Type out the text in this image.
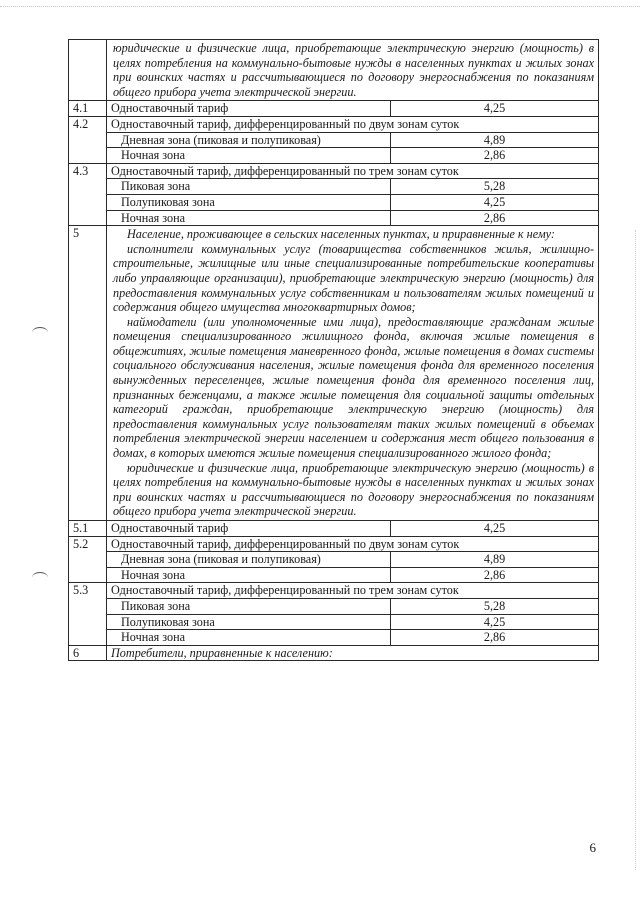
	юридические и физические лица, приобретающие электрическую энергию (мощность) в целях потребления на коммунально-бытовые нужды в населенных пунктах и жилых зонах при воинских частях и рассчитывающиеся по договору энергоснабжения по показаниям общего прибора учета электрической энергии.	

4.1	Одноставочный тариф	4,25
4.2	Одноставочный тариф, дифференцированный по двум зонам суток	
	Дневная зона (пиковая и полупиковая)	4,89
	Ночная зона	2,86
4.3	Одноставочный тариф, дифференцированный по трем зонам суток	
	Пиковая зона	5,28
	Полупиковая зона	4,25
	Ночная зона	2,86
5	Население, проживающее в сельских населенных пунктах, и приравненные к нему:

исполнители коммунальных услуг (товарищества собственников жилья, жилищно-строительные, жилищные или иные специализированные потребительские кооперативы либо управляющие организации), приобретающие электрическую энергию (мощность) для предоставления коммунальных услуг собственникам и пользователям жилых помещений и содержания общего имущества многоквартирных домов;

наймодатели (или уполномоченные ими лица), предоставляющие гражданам жилые помещения специализированного жилищного фонда, включая жилые помещения в общежитиях, жилые помещения маневренного фонда, жилые помещения в домах системы социального обслуживания населения, жилые помещения фонда для временного поселения вынужденных переселенцев, жилые помещения фонда для временного поселения лиц, признанных беженцами, а также жилые помещения для социальной защиты отдельных категорий граждан, приобретающие электрическую энергию (мощность) для предоставления коммунальных услуг пользователям таких жилых помещений в объемах потребления электрической энергии населением и содержания мест общего пользования в домах, в которых имеются жилые помещения специализированного жилого фонда;

юридические и физические лица, приобретающие электрическую энергию (мощность) в целях потребления на коммунально-бытовые нужды в населенных пунктах и жилых зонах при воинских частях и рассчитывающиеся по договору энергоснабжения по показаниям общего прибора учета электрической энергии.	

5.1	Одноставочный тариф	4,25
5.2	Одноставочный тариф, дифференцированный по двум зонам суток	
	Дневная зона (пиковая и полупиковая)	4,89
	Ночная зона	2,86
5.3	Одноставочный тариф, дифференцированный по трем зонам суток	
	Пиковая зона	5,28
	Полупиковая зона	4,25
	Ночная зона	2,86
6	Потребители, приравненные к населению:	
6
